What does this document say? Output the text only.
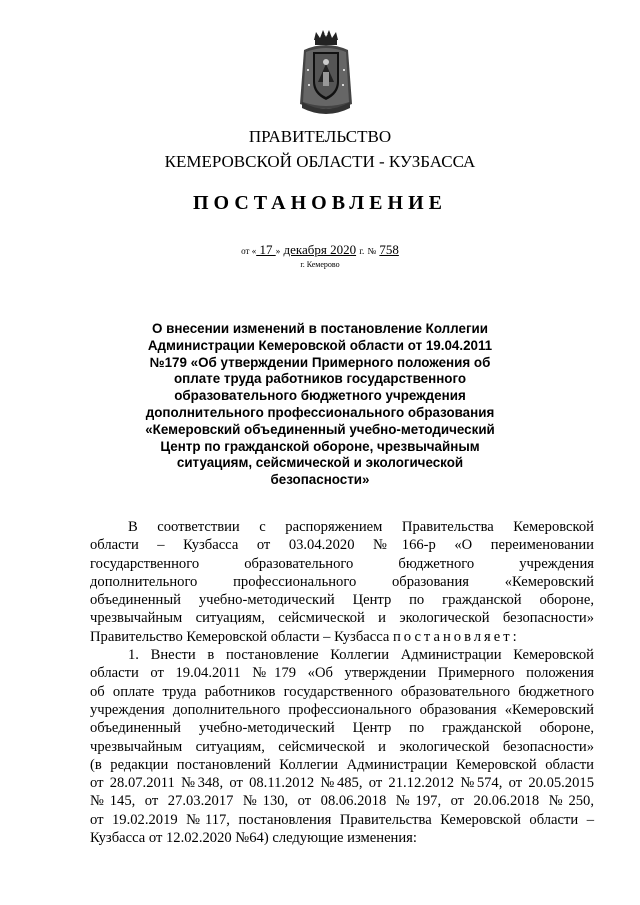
ПРАВИТЕЛЬСТВО
КЕМЕРОВСКОЙ ОБЛАСТИ - КУЗБАССА
ПОСТАНОВЛЕНИЕ
от « 17 » декабря 2020 г. № 758
г. Кемерово
О внесении изменений в постановление Коллегии
Администрации Кемеровской области от 19.04.2011
№179 «Об утверждении Примерного положения об
оплате труда работников государственного
образовательного бюджетного учреждения
дополнительного профессионального образования
«Кемеровский объединенный учебно-методический
Центр по гражданской обороне, чрезвычайным
ситуациям, сейсмической и экологической
безопасности»
В соответствии с распоряжением Правительства Кемеровской
области – Кузбасса от 03.04.2020 №166-р «О переименовании
государственного образовательного бюджетного учреждения
дополнительного профессионального образования «Кемеровский
объединенный учебно-методический Центр по гражданской обороне,
чрезвычайным ситуациям, сейсмической и экологической безопасности»
Правительство Кемеровской области – Кузбасса постановляет:
1. Внести в постановление Коллегии Администрации Кемеровской
области от 19.04.2011 №179 «Об утверждении Примерного положения
об оплате труда работников государственного образовательного бюджетного
учреждения дополнительного профессионального образования «Кемеровский
объединенный учебно-методический Центр по гражданской обороне,
чрезвычайным ситуациям, сейсмической и экологической безопасности»
(в редакции постановлений Коллегии Администрации Кемеровской области
от 28.07.2011 №348, от 08.11.2012 №485, от 21.12.2012 №574, от 20.05.2015
№145, от 27.03.2017 №130, от 08.06.2018 №197, от 20.06.2018 №250,
от 19.02.2019 №117, постановления Правительства Кемеровской области –
Кузбасса от 12.02.2020 №64) следующие изменения:
